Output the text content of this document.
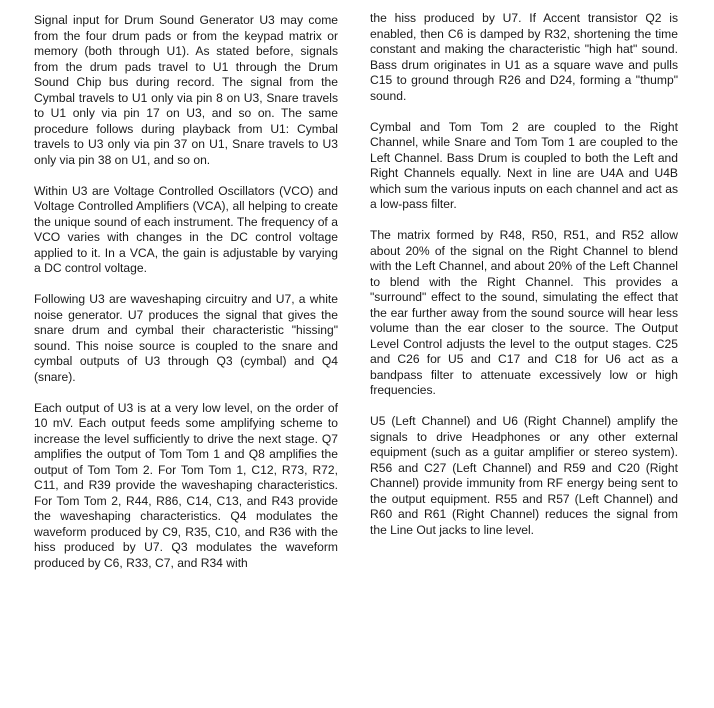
Signal input for Drum Sound Generator U3 may come from the four drum pads or from the keypad matrix or memory (both through U1). As stated before, signals from the drum pads travel to U1 through the Drum Sound Chip bus during record. The signal from the Cymbal travels to U1 only via pin 8 on U3, Snare travels to U1 only via pin 17 on U3, and so on. The same procedure follows during playback from U1: Cymbal travels to U3 only via pin 37 on U1, Snare travels to U3 only via pin 38 on U1, and so on.

Within U3 are Voltage Controlled Oscillators (VCO) and Voltage Controlled Amplifiers (VCA), all helping to create the unique sound of each instrument. The frequency of a VCO varies with changes in the DC control voltage applied to it. In a VCA, the gain is adjustable by varying a DC control voltage.

Following U3 are waveshaping circuitry and U7, a white noise generator. U7 produces the signal that gives the snare drum and cymbal their characteristic "hissing" sound. This noise source is coupled to the snare and cymbal outputs of U3 through Q3 (cymbal) and Q4 (snare).

Each output of U3 is at a very low level, on the order of 10 mV. Each output feeds some amplifying scheme to increase the level sufficiently to drive the next stage. Q7 amplifies the output of Tom Tom 1 and Q8 amplifies the output of Tom Tom 2. For Tom Tom 1, C12, R73, R72, C11, and R39 provide the waveshaping characteristics. For Tom Tom 2, R44, R86, C14, C13, and R43 provide the waveshaping characteristics. Q4 modulates the waveform produced by C9, R35, C10, and R36 with the hiss produced by U7. Q3 modulates the waveform produced by C6, R33, C7, and R34 with

the hiss produced by U7. If Accent transistor Q2 is enabled, then C6 is damped by R32, shortening the time constant and making the characteristic "high hat" sound. Bass drum originates in U1 as a square wave and pulls C15 to ground through R26 and D24, forming a "thump" sound.

Cymbal and Tom Tom 2 are coupled to the Right Channel, while Snare and Tom Tom 1 are coupled to the Left Channel. Bass Drum is coupled to both the Left and Right Channels equally. Next in line are U4A and U4B which sum the various inputs on each channel and act as a low-pass filter.

The matrix formed by R48, R50, R51, and R52 allow about 20% of the signal on the Right Channel to blend with the Left Channel, and about 20% of the Left Channel to blend with the Right Channel. This provides a "surround" effect to the sound, simulating the effect that the ear further away from the sound source will hear less volume than the ear closer to the source. The Output Level Control adjusts the level to the output stages. C25 and C26 for U5 and C17 and C18 for U6 act as a bandpass filter to attenuate excessively low or high frequencies.

U5 (Left Channel) and U6 (Right Channel) amplify the signals to drive Headphones or any other external equipment (such as a guitar amplifier or stereo system). R56 and C27 (Left Channel) and R59 and C20 (Right Channel) provide immunity from RF energy being sent to the output equipment. R55 and R57 (Left Channel) and R60 and R61 (Right Channel) reduces the signal from the Line Out jacks to line level.
